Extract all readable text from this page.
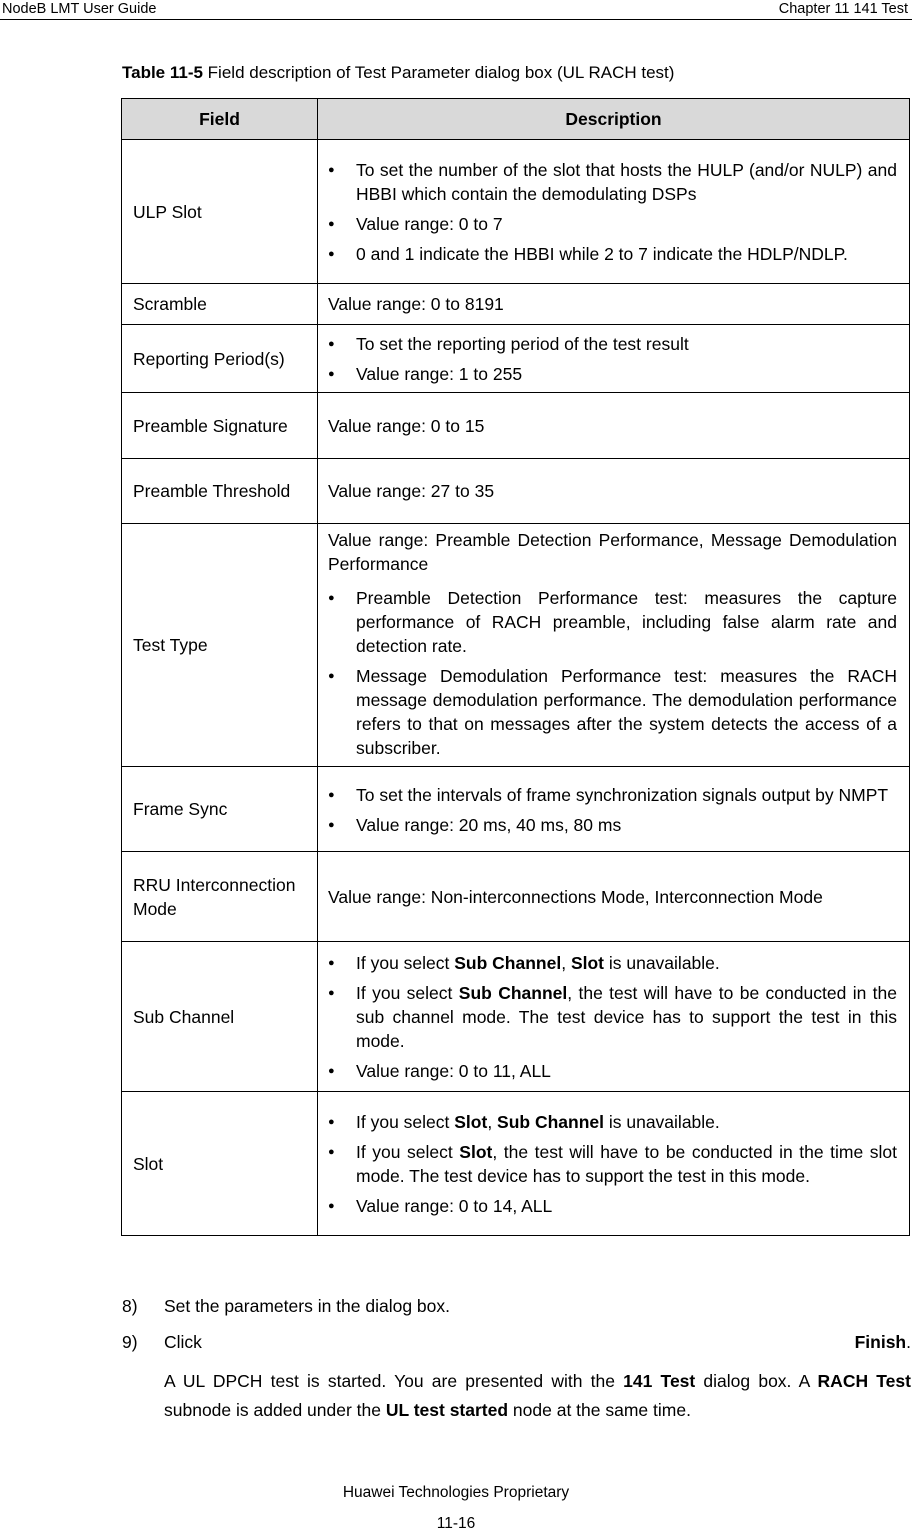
NodeB LMT User Guide	Chapter 11 141 Test
Table 11-5 Field description of Test Parameter dialog box (UL RACH test)
Field	Description
ULP Slot	● To set the number of the slot that hosts the HULP (and/or NULP) and HBBI which contain the demodulating DSPs
● Value range: 0 to 7
● 0 and 1 indicate the HBBI while 2 to 7 indicate the HDLP/NDLP.

Scramble	Value range: 0 to 8191

Reporting Period(s)	● To set the reporting period of the test result
● Value range: 1 to 255

Preamble Signature	Value range: 0 to 15

Preamble Threshold	Value range: 27 to 35

Test Type	Value range: Preamble Detection Performance, Message Demodulation Performance
● Preamble Detection Performance test: measures the capture performance of RACH preamble, including false alarm rate and detection rate.
● Message Demodulation Performance test: measures the RACH message demodulation performance. The demodulation performance refers to that on messages after the system detects the access of a subscriber.

Frame Sync	● To set the intervals of frame synchronization signals output by NMPT
● Value range: 20 ms, 40 ms, 80 ms

RRU Interconnection Mode	Value range: Non-interconnections Mode, Interconnection Mode

Sub Channel	● If you select Sub Channel, Slot is unavailable.
● If you select Sub Channel, the test will have to be conducted in the sub channel mode. The test device has to support the test in this mode.
● Value range: 0 to 11, ALL

Slot	● If you select Slot, Sub Channel is unavailable.
● If you select Slot, the test will have to be conducted in the time slot mode. The test device has to support the test in this mode.
● Value range: 0 to 14, ALL
8) Set the parameters in the dialog box.
9) Click	Finish.
A UL DPCH test is started. You are presented with the 141 Test dialog box. A RACH Test subnode is added under the UL test started node at the same time.
Huawei Technologies Proprietary
11-16
